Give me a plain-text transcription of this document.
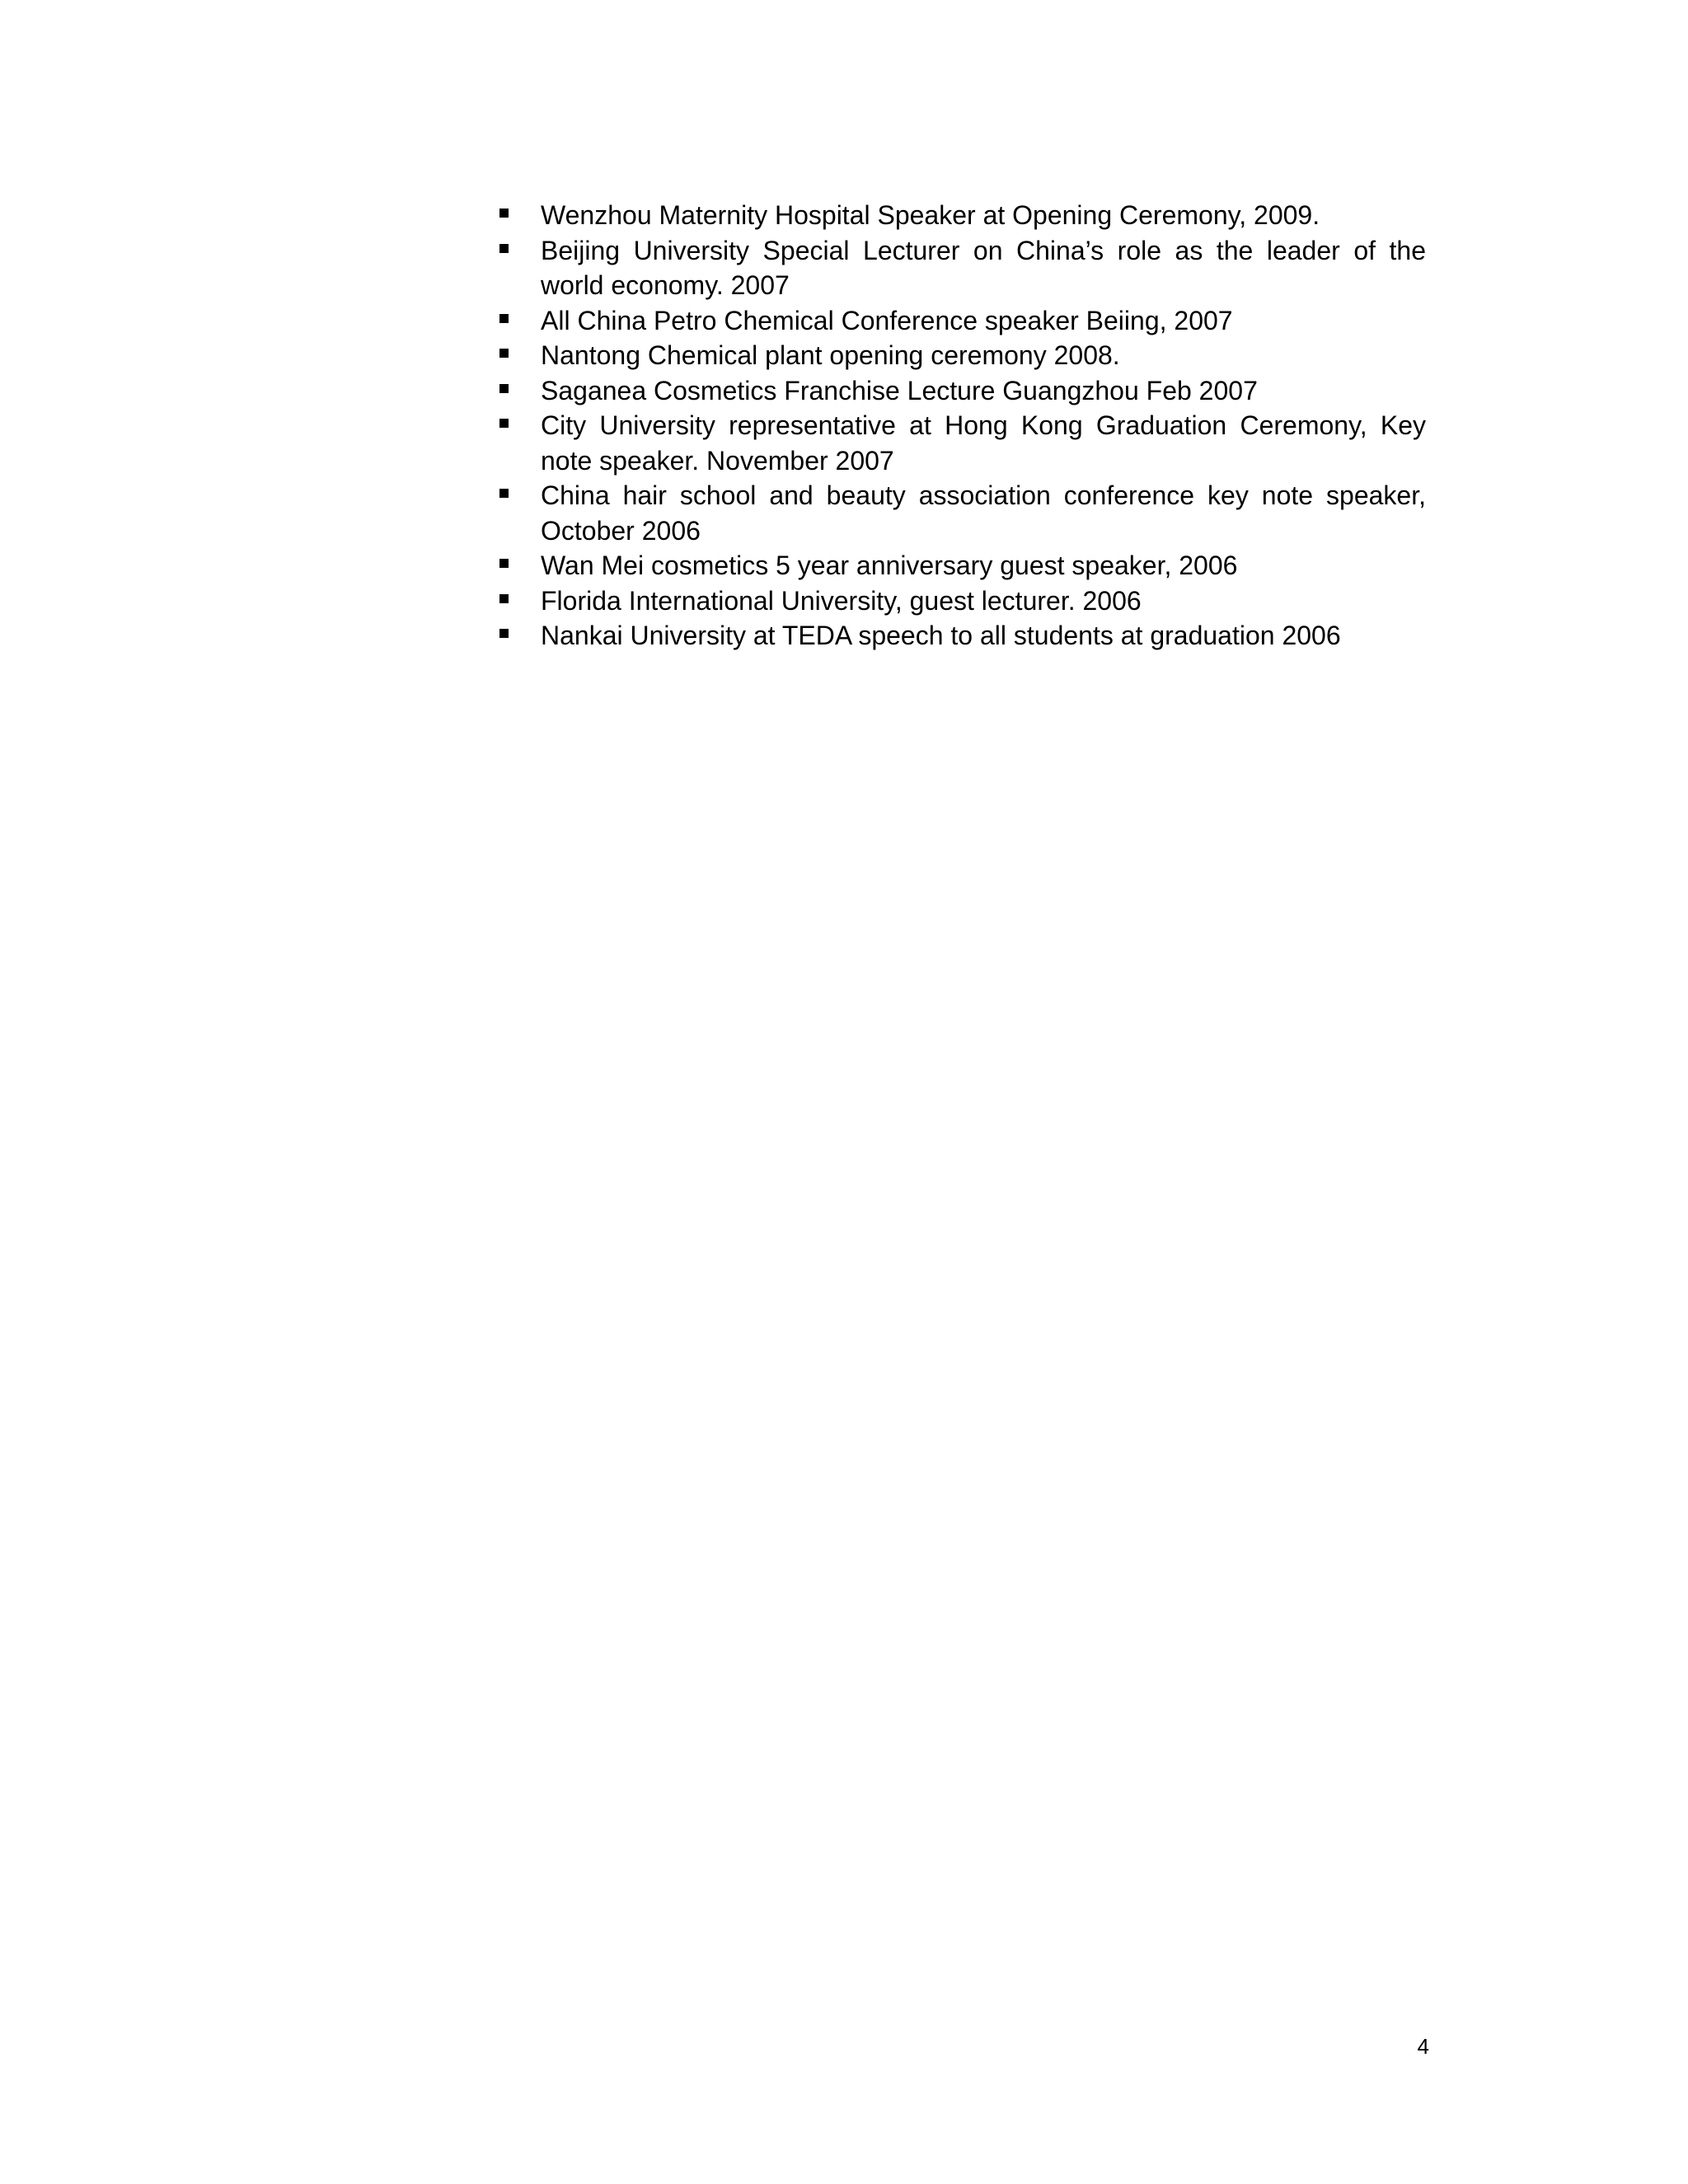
Wenzhou Maternity Hospital Speaker at Opening Ceremony, 2009.
Beijing University Special Lecturer on China’s role as the leader of the world economy. 2007
All China Petro Chemical Conference speaker Beiing, 2007
Nantong Chemical plant opening ceremony 2008.
Saganea Cosmetics Franchise Lecture Guangzhou Feb 2007
City University representative at Hong Kong Graduation Ceremony, Key note speaker. November 2007
China hair school and beauty association conference key note speaker, October 2006
Wan Mei cosmetics 5 year anniversary guest speaker, 2006
Florida International University, guest lecturer. 2006
Nankai University at TEDA speech to all students at graduation 2006
4
